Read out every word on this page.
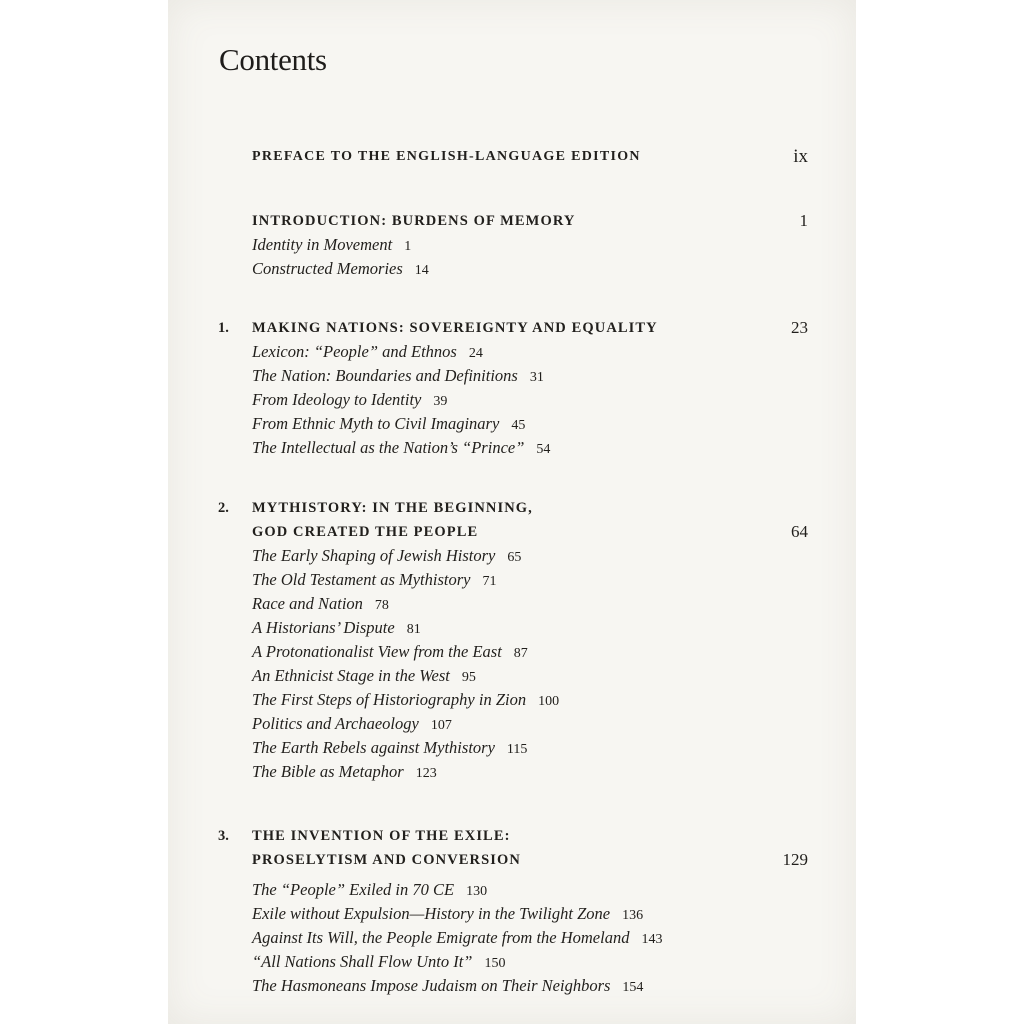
Contents
PREFACE TO THE ENGLISH-LANGUAGE EDITION	ix
INTRODUCTION: BURDENS OF MEMORY	1
Identity in Movement 1
Constructed Memories 14
1. MAKING NATIONS: SOVEREIGNTY AND EQUALITY	23
Lexicon: “People” and Ethnos 24
The Nation: Boundaries and Definitions 31
From Ideology to Identity 39
From Ethnic Myth to Civil Imaginary 45
The Intellectual as the Nation’s “Prince” 54
2. MYTHISTORY: IN THE BEGINNING,
GOD CREATED THE PEOPLE	64
The Early Shaping of Jewish History 65
The Old Testament as Mythistory 71
Race and Nation 78
A Historians’ Dispute 81
A Protonationalist View from the East 87
An Ethnicist Stage in the West 95
The First Steps of Historiography in Zion 100
Politics and Archaeology 107
The Earth Rebels against Mythistory 115
The Bible as Metaphor 123
3. THE INVENTION OF THE EXILE:
PROSELYTISM AND CONVERSION	129
The “People” Exiled in 70 CE 130
Exile without Expulsion—History in the Twilight Zone 136
Against Its Will, the People Emigrate from the Homeland 143
“All Nations Shall Flow Unto It” 150
The Hasmoneans Impose Judaism on Their Neighbors 154
